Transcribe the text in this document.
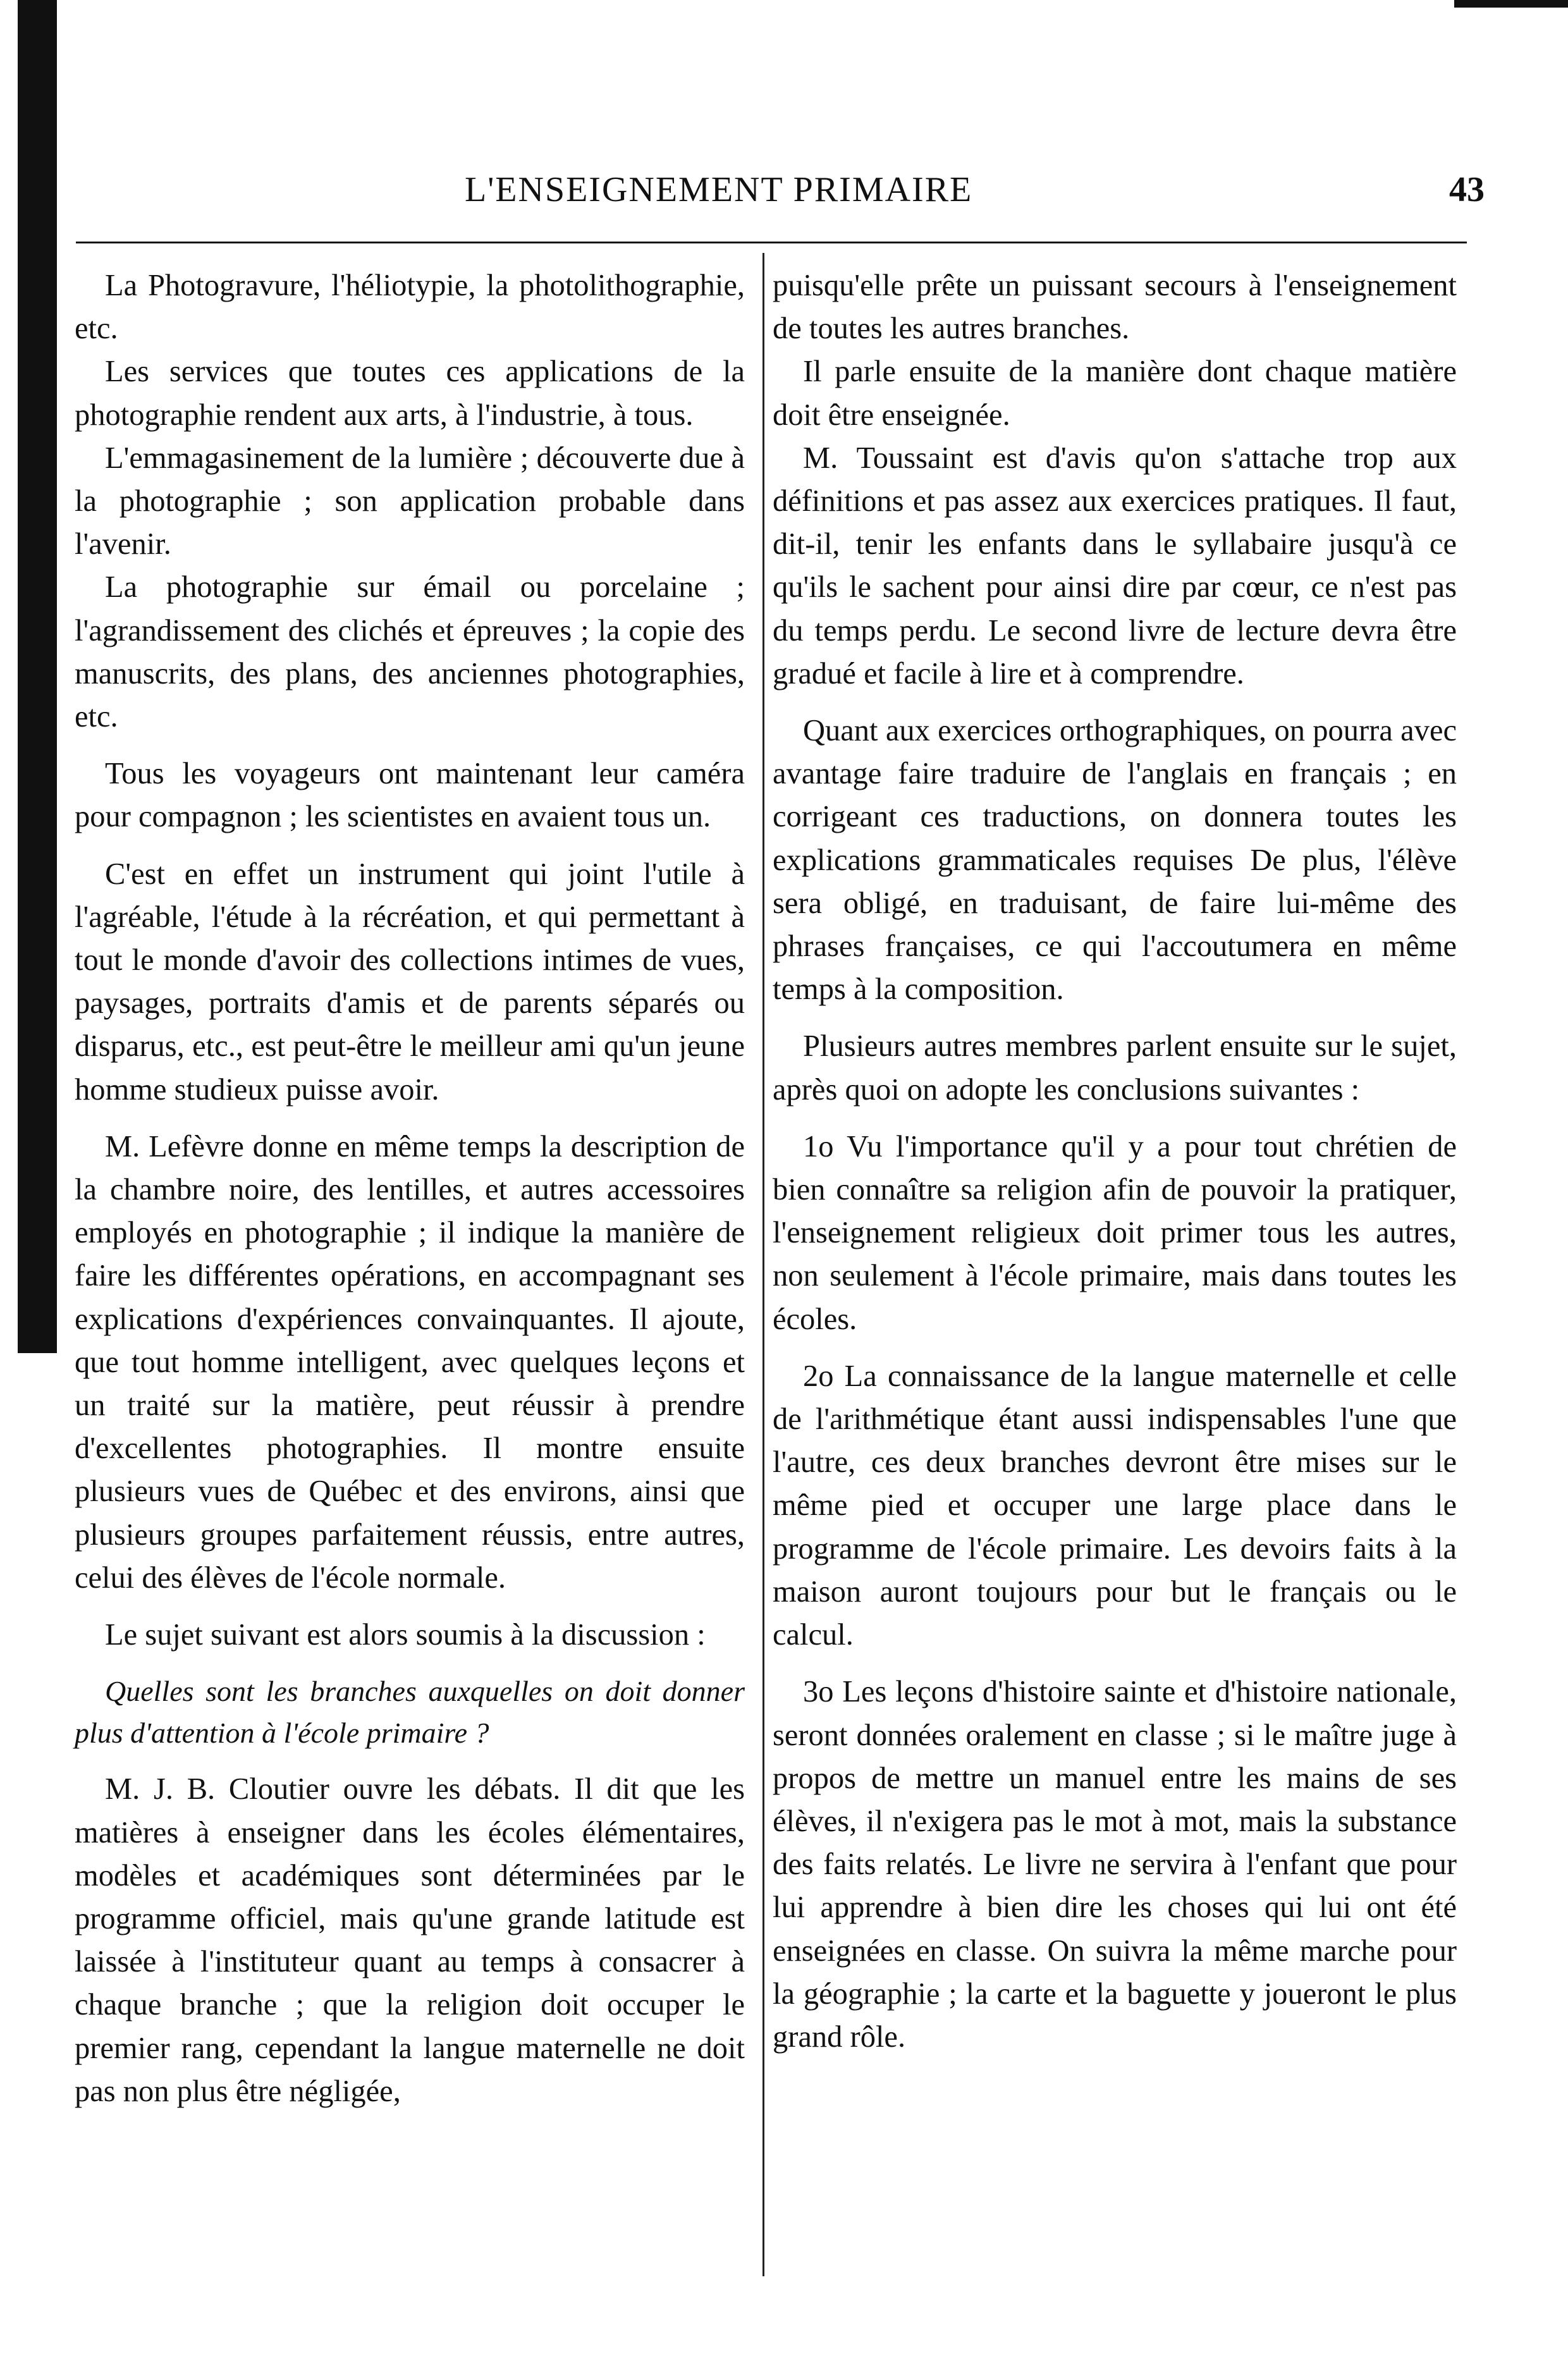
L'ENSEIGNEMENT PRIMAIRE	43

La Photogravure, l'héliotypie, la photolithographie, etc.

Les services que toutes ces applications de la photographie rendent aux arts, à l'industrie, à tous.

L'emmagasinement de la lumière ; découverte due à la photographie ; son application probable dans l'avenir.

La photographie sur émail ou porcelaine ; l'agrandissement des clichés et épreuves ; la copie des manuscrits, des plans, des anciennes photographies, etc.

Tous les voyageurs ont maintenant leur caméra pour compagnon ; les scientistes en avaient tous un.

C'est en effet un instrument qui joint l'utile à l'agréable, l'étude à la récréation, et qui permettant à tout le monde d'avoir des collections intimes de vues, paysages, portraits d'amis et de parents séparés ou disparus, etc., est peut-être le meilleur ami qu'un jeune homme studieux puisse avoir.

M. Lefèvre donne en même temps la description de la chambre noire, des lentilles, et autres accessoires employés en photographie ; il indique la manière de faire les différentes opérations, en accompagnant ses explications d'expériences convainquantes. Il ajoute, que tout homme intelligent, avec quelques leçons et un traité sur la matière, peut réussir à prendre d'excellentes photographies. Il montre ensuite plusieurs vues de Québec et des environs, ainsi que plusieurs groupes parfaitement réussis, entre autres, celui des élèves de l'école normale.

Le sujet suivant est alors soumis à la discussion :

Quelles sont les branches auxquelles on doit donner plus d'attention à l'école primaire ?

M. J. B. Cloutier ouvre les débats. Il dit que les matières à enseigner dans les écoles élémentaires, modèles et académiques sont déterminées par le programme officiel, mais qu'une grande latitude est laissée à l'instituteur quant au temps à consacrer à chaque branche ; que la religion doit occuper le premier rang, cependant la langue maternelle ne doit pas non plus être négligée,

puisqu'elle prête un puissant secours à l'enseignement de toutes les autres branches.

Il parle ensuite de la manière dont chaque matière doit être enseignée.

M. Toussaint est d'avis qu'on s'attache trop aux définitions et pas assez aux exercices pratiques. Il faut, dit-il, tenir les enfants dans le syllabaire jusqu'à ce qu'ils le sachent pour ainsi dire par cœur, ce n'est pas du temps perdu. Le second livre de lecture devra être gradué et facile à lire et à comprendre.

Quant aux exercices orthographiques, on pourra avec avantage faire traduire de l'anglais en français ; en corrigeant ces traductions, on donnera toutes les explications grammaticales requises De plus, l'élève sera obligé, en traduisant, de faire lui-même des phrases françaises, ce qui l'accoutumera en même temps à la composition.

Plusieurs autres membres parlent ensuite sur le sujet, après quoi on adopte les conclusions suivantes :

1o Vu l'importance qu'il y a pour tout chrétien de bien connaître sa religion afin de pouvoir la pratiquer, l'enseignement religieux doit primer tous les autres, non seulement à l'école primaire, mais dans toutes les écoles.

2o La connaissance de la langue maternelle et celle de l'arithmétique étant aussi indispensables l'une que l'autre, ces deux branches devront être mises sur le même pied et occuper une large place dans le programme de l'école primaire. Les devoirs faits à la maison auront toujours pour but le français ou le calcul.

3o Les leçons d'histoire sainte et d'histoire nationale, seront données oralement en classe ; si le maître juge à propos de mettre un manuel entre les mains de ses élèves, il n'exigera pas le mot à mot, mais la substance des faits relatés. Le livre ne servira à l'enfant que pour lui apprendre à bien dire les choses qui lui ont été enseignées en classe. On suivra la même marche pour la géographie ; la carte et la baguette y joueront le plus grand rôle.
